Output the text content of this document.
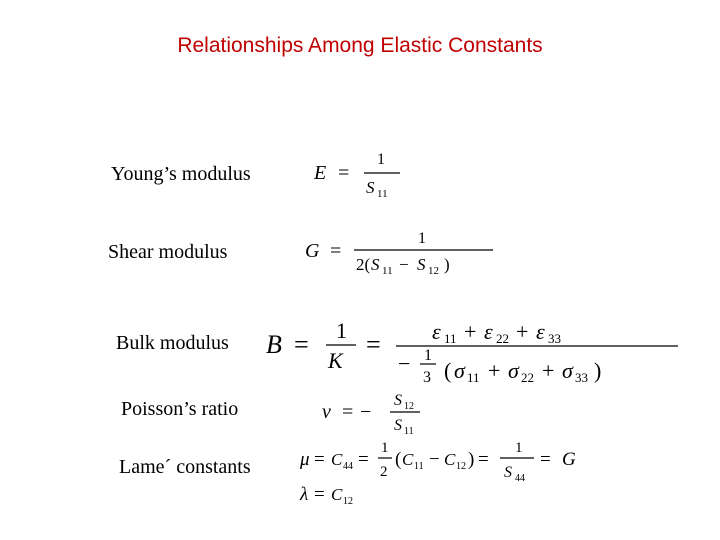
Relationships Among Elastic Constants
Young’s modulus
Shear modulus
Bulk modulus
Poisson’s ratio
Lame´ constants
E =
1
S 11
G =
1
2( S 11 − S 12 )
B = 1
K
= ε 11 + ε 22 + ε 33
− 1
3 ( σ 11 + σ 22 + σ 33 )
ν = −
S 12
S 11
μ = C 44 =
1
2
( C 11 − C 12 ) =
1
S 44
= G
λ = C 12
